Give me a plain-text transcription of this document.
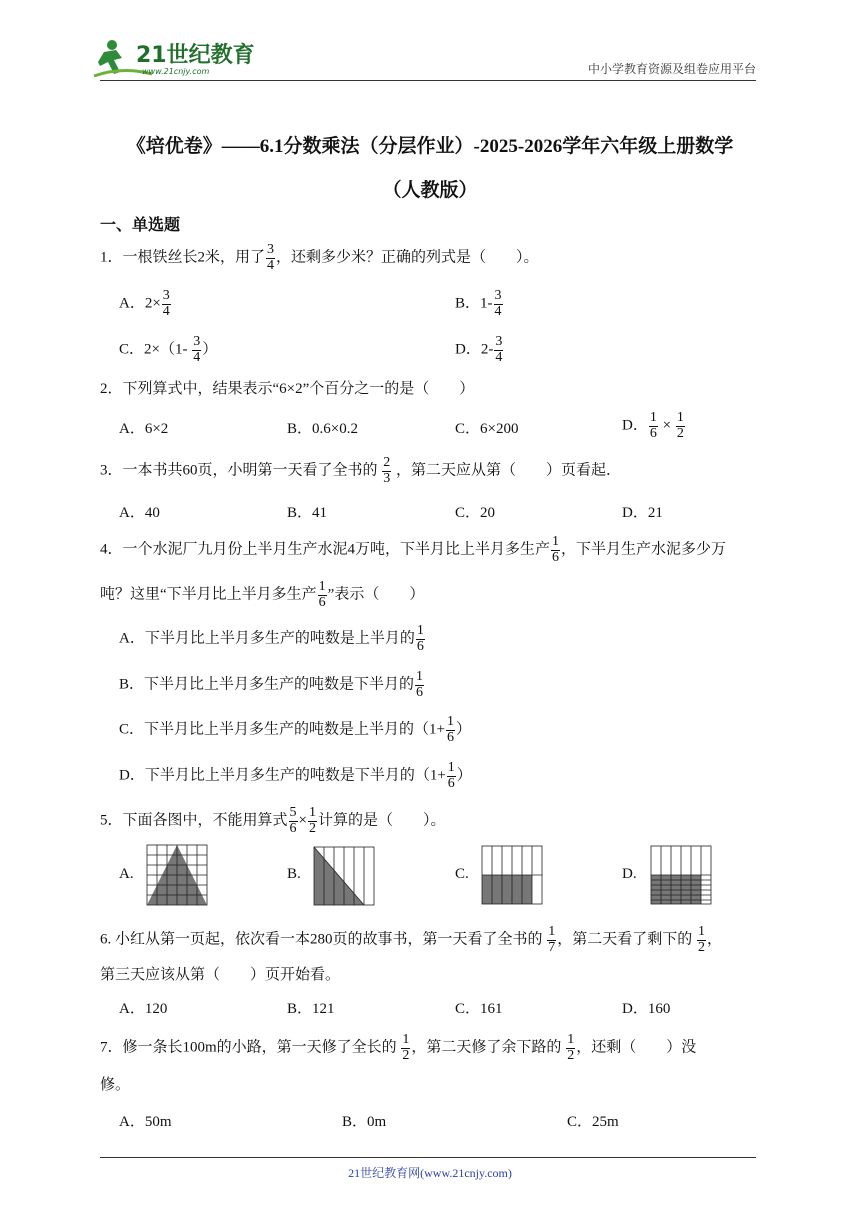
21世纪教育
www.21cnjy.com	中小学教育资源及组卷应用平台
《培优卷》——6.1分数乘法（分层作业）-2025-2026学年六年级上册数学
（人教版）
一、单选题
1．一根铁丝长2米，用了 $\frac{3}{4}$ ，还剩多少米？正确的列式是（　　）。
A．$2\times \frac{3}{4}$	B．$1- \frac{3}{4}$
C．$2\times(1- \frac{3}{4}$ ）	D．$2- \frac{3}{4}$
2．下列算式中，结果表示“6×2”个百分之一的是（　　）
A．6×2	B．0.6×0.2	C．6×200	D． $\frac{1}{6} \times \frac{1}{2}$
3．一本书共60页，小明第一天看了全书的 $\frac{2}{3}$ ，第二天应从第（　　）页看起．
A．40	B．41	C．20	D．21
4．一个水泥厂九月份上半月生产水泥4万吨，下半月比上半月多生产 $\frac{1}{6}$ ，下半月生产水泥多少万
吨？这里“下半月比上半月多生产 $\frac{1}{6}$ ”表示（　　）
A．下半月比上半月多生产的吨数是上半月的 $\frac{1}{6}$
B．下半月比上半月多生产的吨数是下半月的 $\frac{1}{6}$
C．下半月比上半月多生产的吨数是上半月的（$1+ \frac{1}{6}$ ）
D．下半月比上半月多生产的吨数是下半月的（$1+ \frac{1}{6}$ ）
5．下面各图中，不能用算式 $\frac{5}{6} \times \frac{1}{2}$ 计算的是（　　）。
A.	B.	C.	D.
6. 小红从第一页起，依次看一本280页的故事书，第一天看了全书的 $\frac{1}{7}$ ，第二天看了剩下的 $\frac{1}{2}$ ，
第三天应该从第（　　）页开始看。
A．120	B．121	C．161	D．160
7．修一条长100m的小路，第一天修了全长的 $\frac{1}{2}$ ，第二天修了余下路的 $\frac{1}{2}$ ，还剩（　　）没
修。
A．50m	B．0m	C．25m
21世纪教育网(www.21cnjy.com)
